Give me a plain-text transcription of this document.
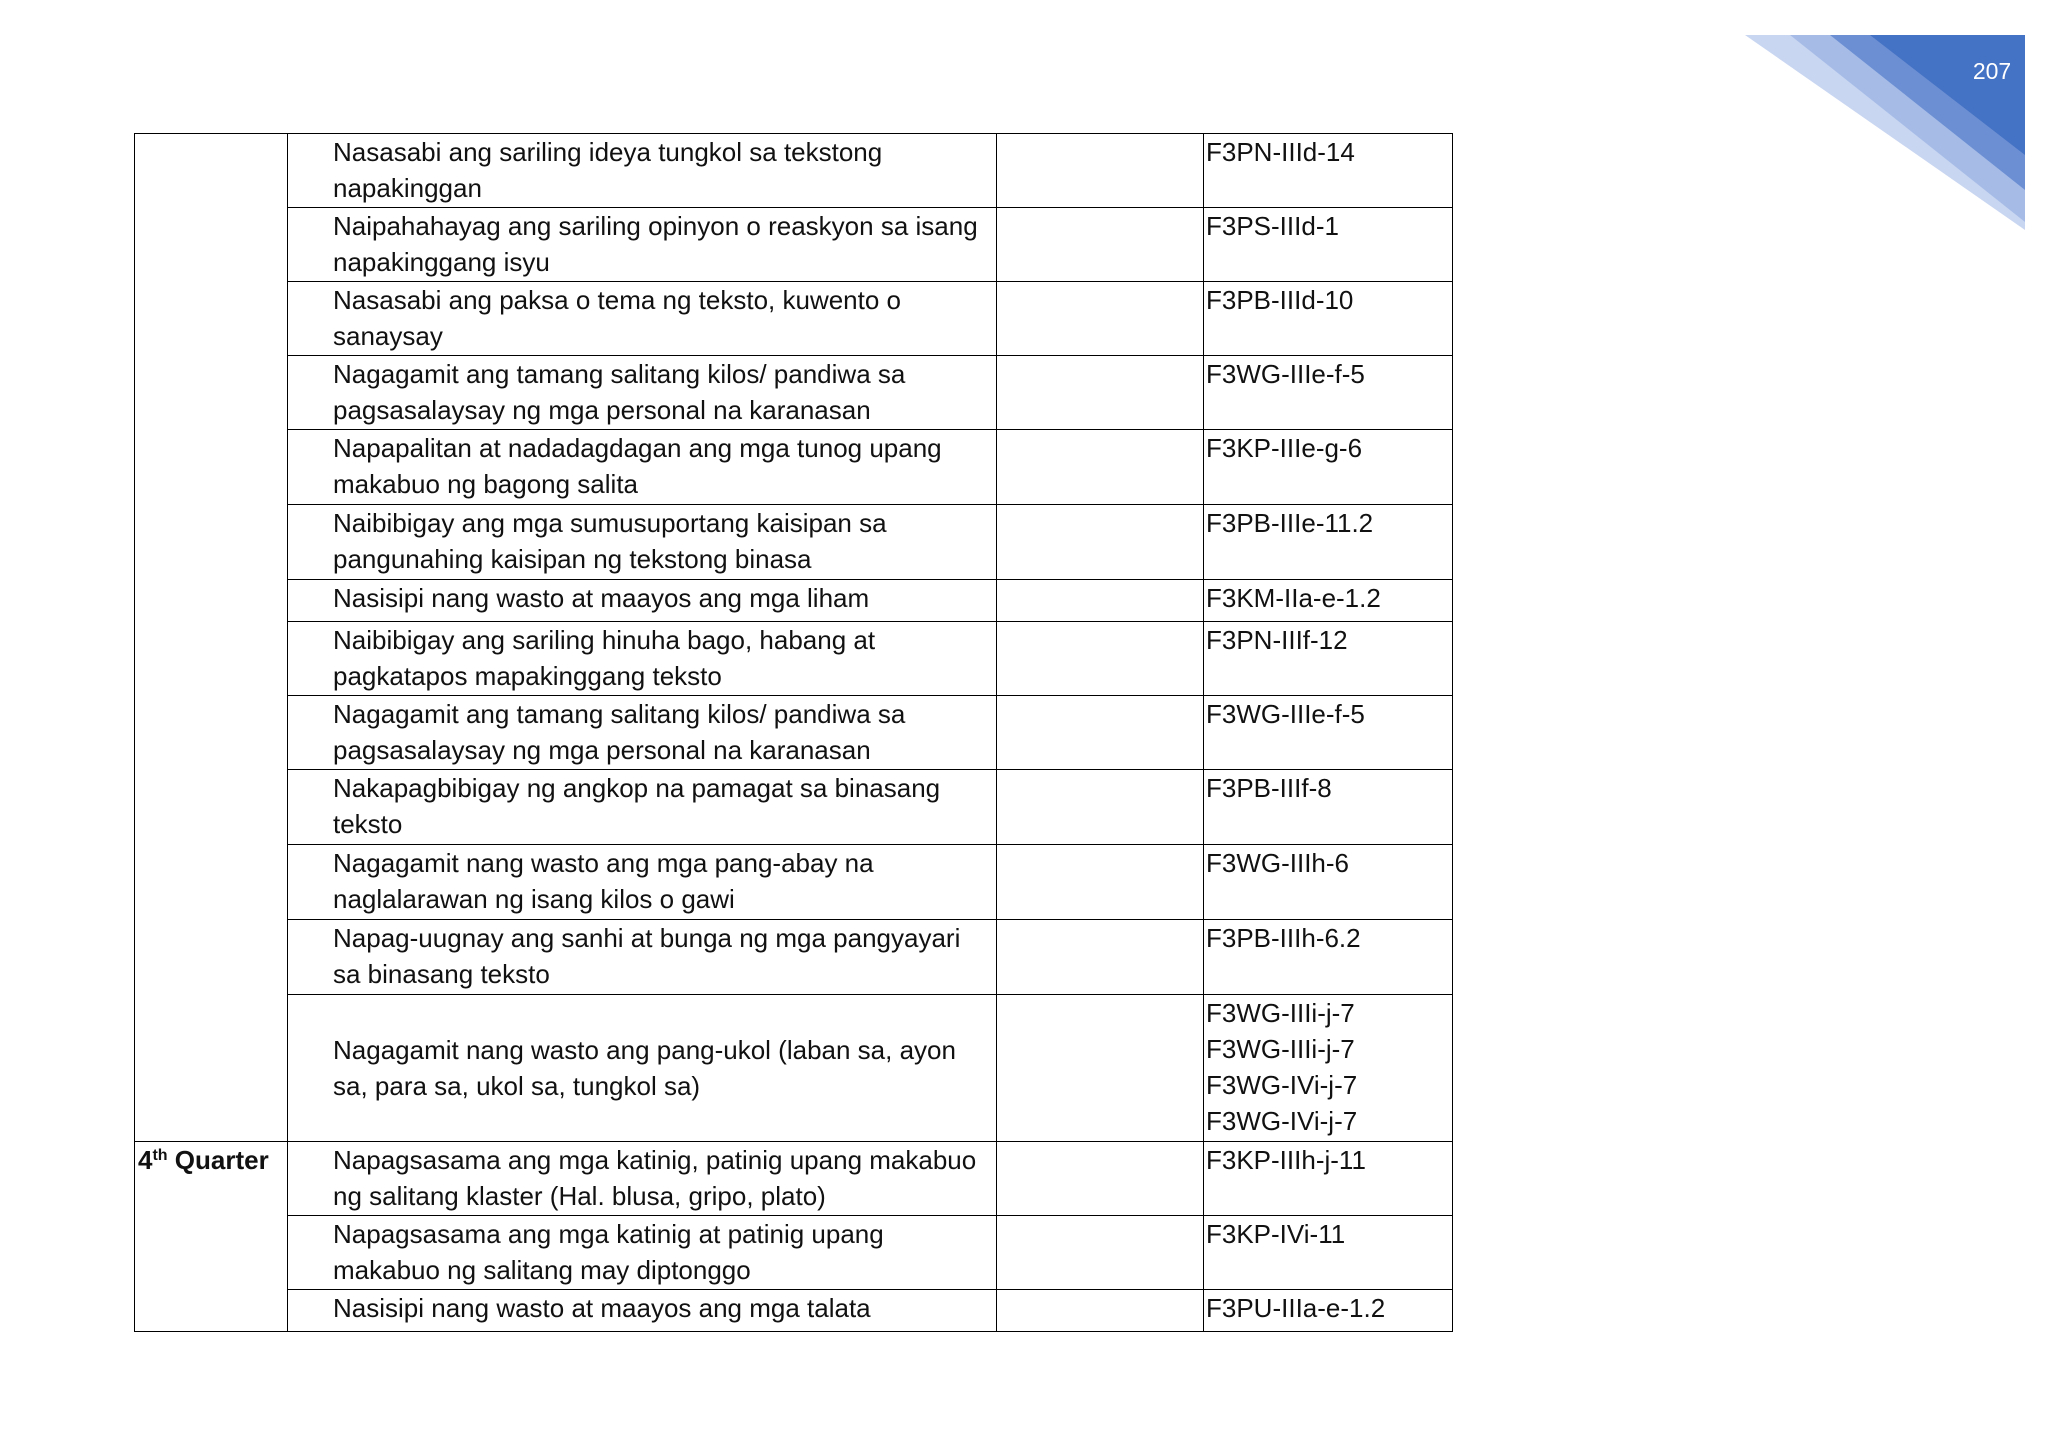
207
	Nasasabi ang sariling ideya tungkol sa tekstong napakinggan		F3PN-IIId-14

	Naipahahayag ang sariling opinyon o reaskyon sa isang napakinggang isyu		F3PS-IIId-1

	Nasasabi ang paksa o tema ng teksto, kuwento o sanaysay		F3PB-IIId-10

	Nagagamit ang tamang salitang kilos/ pandiwa sa pagsasalaysay ng mga personal na karanasan		F3WG-IIIe-f-5

	Napapalitan at nadadagdagan ang mga tunog upang makabuo ng bagong salita		F3KP-IIIe-g-6

	Naibibigay ang mga sumusuportang kaisipan sa pangunahing kaisipan ng tekstong binasa		F3PB-IIIe-11.2

	Nasisipi nang wasto at maayos ang mga liham		F3KM-IIa-e-1.2

	Naibibigay ang sariling hinuha bago, habang at pagkatapos mapakinggang teksto		F3PN-IIIf-12

	Nagagamit ang tamang salitang kilos/ pandiwa sa pagsasalaysay ng mga personal na karanasan		F3WG-IIIe-f-5

	Nakapagbibigay ng angkop na pamagat sa binasang teksto		F3PB-IIIf-8

	Nagagamit nang wasto ang mga pang-abay na naglalarawan ng isang kilos o gawi		F3WG-IIIh-6

	Napag-uugnay ang sanhi at bunga ng mga pangyayari sa binasang teksto		F3PB-IIIh-6.2

	Nagagamit nang wasto ang pang-ukol (laban sa, ayon sa, para sa, ukol sa, tungkol sa)		F3WG-IIIi-j-7
F3WG-IIIi-j-7
F3WG-IVi-j-7
F3WG-IVi-j-7

4th Quarter	Napagsasama ang mga katinig, patinig upang makabuo ng salitang klaster (Hal. blusa, gripo, plato)		F3KP-IIIh-j-11

	Napagsasama ang mga katinig at patinig upang makabuo ng salitang may diptonggo		F3KP-IVi-11

	Nasisipi nang wasto at maayos ang mga talata		F3PU-IIIa-e-1.2
